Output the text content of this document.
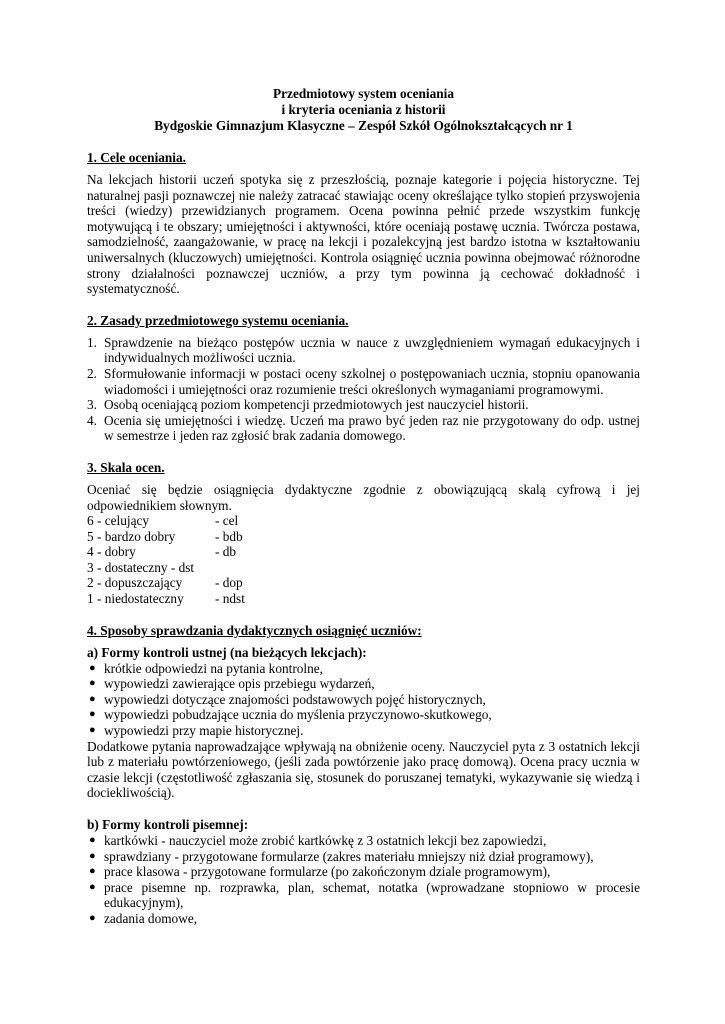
Przedmiotowy system oceniania
i kryteria oceniania z historii
Bydgoskie Gimnazjum Klasyczne – Zespół Szkół Ogólnokształcących nr 1
1. Cele oceniania.

Na lekcjach historii uczeń spotyka się z przeszłością, poznaje kategorie i pojęcia historyczne. Tej naturalnej pasji poznawczej nie należy zatracać stawiając oceny określające tylko stopień przyswojenia treści (wiedzy) przewidzianych programem. Ocena powinna pełnić przede wszystkim funkcję motywującą i te obszary; umiejętności i aktywności, które oceniają postawę ucznia. Twórcza postawa, samodzielność, zaangażowanie, w pracę na lekcji i pozalekcyjną jest bardzo istotna w kształtowaniu uniwersalnych (kluczowych) umiejętności. Kontrola osiągnięć ucznia powinna obejmować różnorodne strony działalności poznawczej uczniów, a przy tym powinna ją cechować dokładność i systematyczność.

2. Zasady przedmiotowego systemu oceniania.
1. Sprawdzenie na bieżąco postępów ucznia w nauce z uwzględnieniem wymagań edukacyjnych i indywidualnych możliwości ucznia.
2. Sformułowanie informacji w postaci oceny szkolnej o postępowaniach ucznia, stopniu opanowania wiadomości i umiejętności oraz rozumienie treści określonych wymaganiami programowymi.
3. Osobą oceniającą poziom kompetencji przedmiotowych jest nauczyciel historii.
4. Ocenia się umiejętności i wiedzę. Uczeń ma prawo być jeden raz nie przygotowany do odp. ustnej w semestrze i jeden raz zgłosić brak zadania domowego.
3. Skala ocen.

Oceniać się będzie osiągnięcia dydaktyczne zgodnie z obowiązującą skalą cyfrową i jej odpowiednikiem słownym.

6 - celujący	- cel
5 - bardzo dobry	- bdb
4 - dobry	- db
3 - dostateczny - dst
2 - dopuszczający	- dop
1 - niedostateczny	- ndst
4. Sposoby sprawdzania dydaktycznych osiągnięć uczniów:
a) Formy kontroli ustnej (na bieżących lekcjach):
● krótkie odpowiedzi na pytania kontrolne,
● wypowiedzi zawierające opis przebiegu wydarzeń,
● wypowiedzi dotyczące znajomości podstawowych pojęć historycznych,
● wypowiedzi pobudzające ucznia do myślenia przyczynowo-skutkowego,
● wypowiedzi przy mapie historycznej.

Dodatkowe pytania naprowadzające wpływają na obniżenie oceny. Nauczyciel pyta z 3 ostatnich lekcji lub z materiału powtórzeniowego, (jeśli zada powtórzenie jako pracę domową). Ocena pracy ucznia w czasie lekcji (częstotliwość zgłaszania się, stosunek do poruszanej tematyki, wykazywanie się wiedzą i dociekliwością).

b) Formy kontroli pisemnej:
● kartkówki - nauczyciel może zrobić kartkówkę z 3 ostatnich lekcji bez zapowiedzi,
● sprawdziany - przygotowane formularze (zakres materiału mniejszy niż dział programowy),
● prace klasowa - przygotowane formularze (po zakończonym dziale programowym),
● prace pisemne np. rozprawka, plan, schemat, notatka (wprowadzane stopniowo w procesie edukacyjnym),
● zadania domowe,
